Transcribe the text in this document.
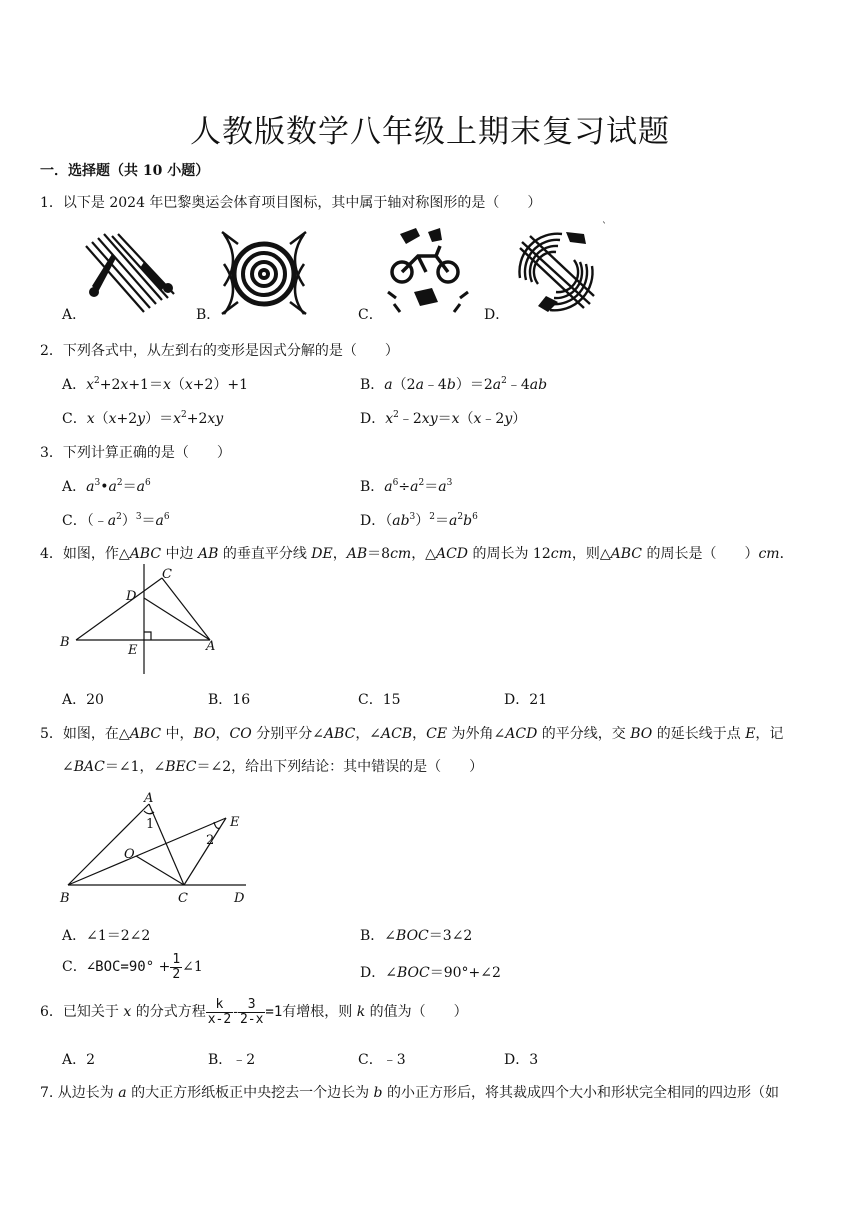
人教版数学八年级上期末复习试题
一．选择题（共 10 小题）
1．以下是 2024 年巴黎奥运会体育项目图标，其中属于轴对称图形的是（　　）
`
A．	B．	C．	D．
2．下列各式中，从左到右的变形是因式分解的是（　　）
A．$x^2+2x+1=x(x+2)+1$	B．$a(2a﹣4b)=2a^2﹣4ab$
C．$x(x+2y)=x^2+2xy$	D．$x^2﹣2xy=x(x﹣2y)$
3．下列计算正确的是（　　）
A．$a^3•a^2=a^6$	B．$a^6\div a^2=a^3$
C．$(﹣a^2)^3=a^6$	D．$(ab^3)^2=a^2b^6$
4．如图，作△ABC 中边 AB 的垂直平分线 DE，AB＝8cm，△ACD 的周长为 12cm，则△ABC 的周长是（　　）cm．
C
D
B
E	A
A．20	B．16	C．15	D．21
5．如图，在△ABC 中，BO，CO 分别平分∠ABC，∠ACB，CE 为外角∠ACD 的平分线，交 BO 的延长线于点 E，记
∠BAC＝∠1，∠BEC＝∠2，给出下列结论：其中错误的是（　　）
A
E
O
B	C	D
1
2
A．∠1＝2∠2	B．∠BOC＝3∠2
C．∠BOC=90° + $\frac{1}{2}$ ∠1	D．∠BOC＝90°+∠2
6．已知关于 x 的分式方程 $\frac{k}{x-2} - \frac{3}{2-x} =1$有增根，则 k 的值为（　　）
A．2	B．﹣2	C．﹣3	D．3
7. 从边长为 a 的大正方形纸板正中央挖去一个边长为 b 的小正方形后，将其裁成四个大小和形状完全相同的四边形（如
